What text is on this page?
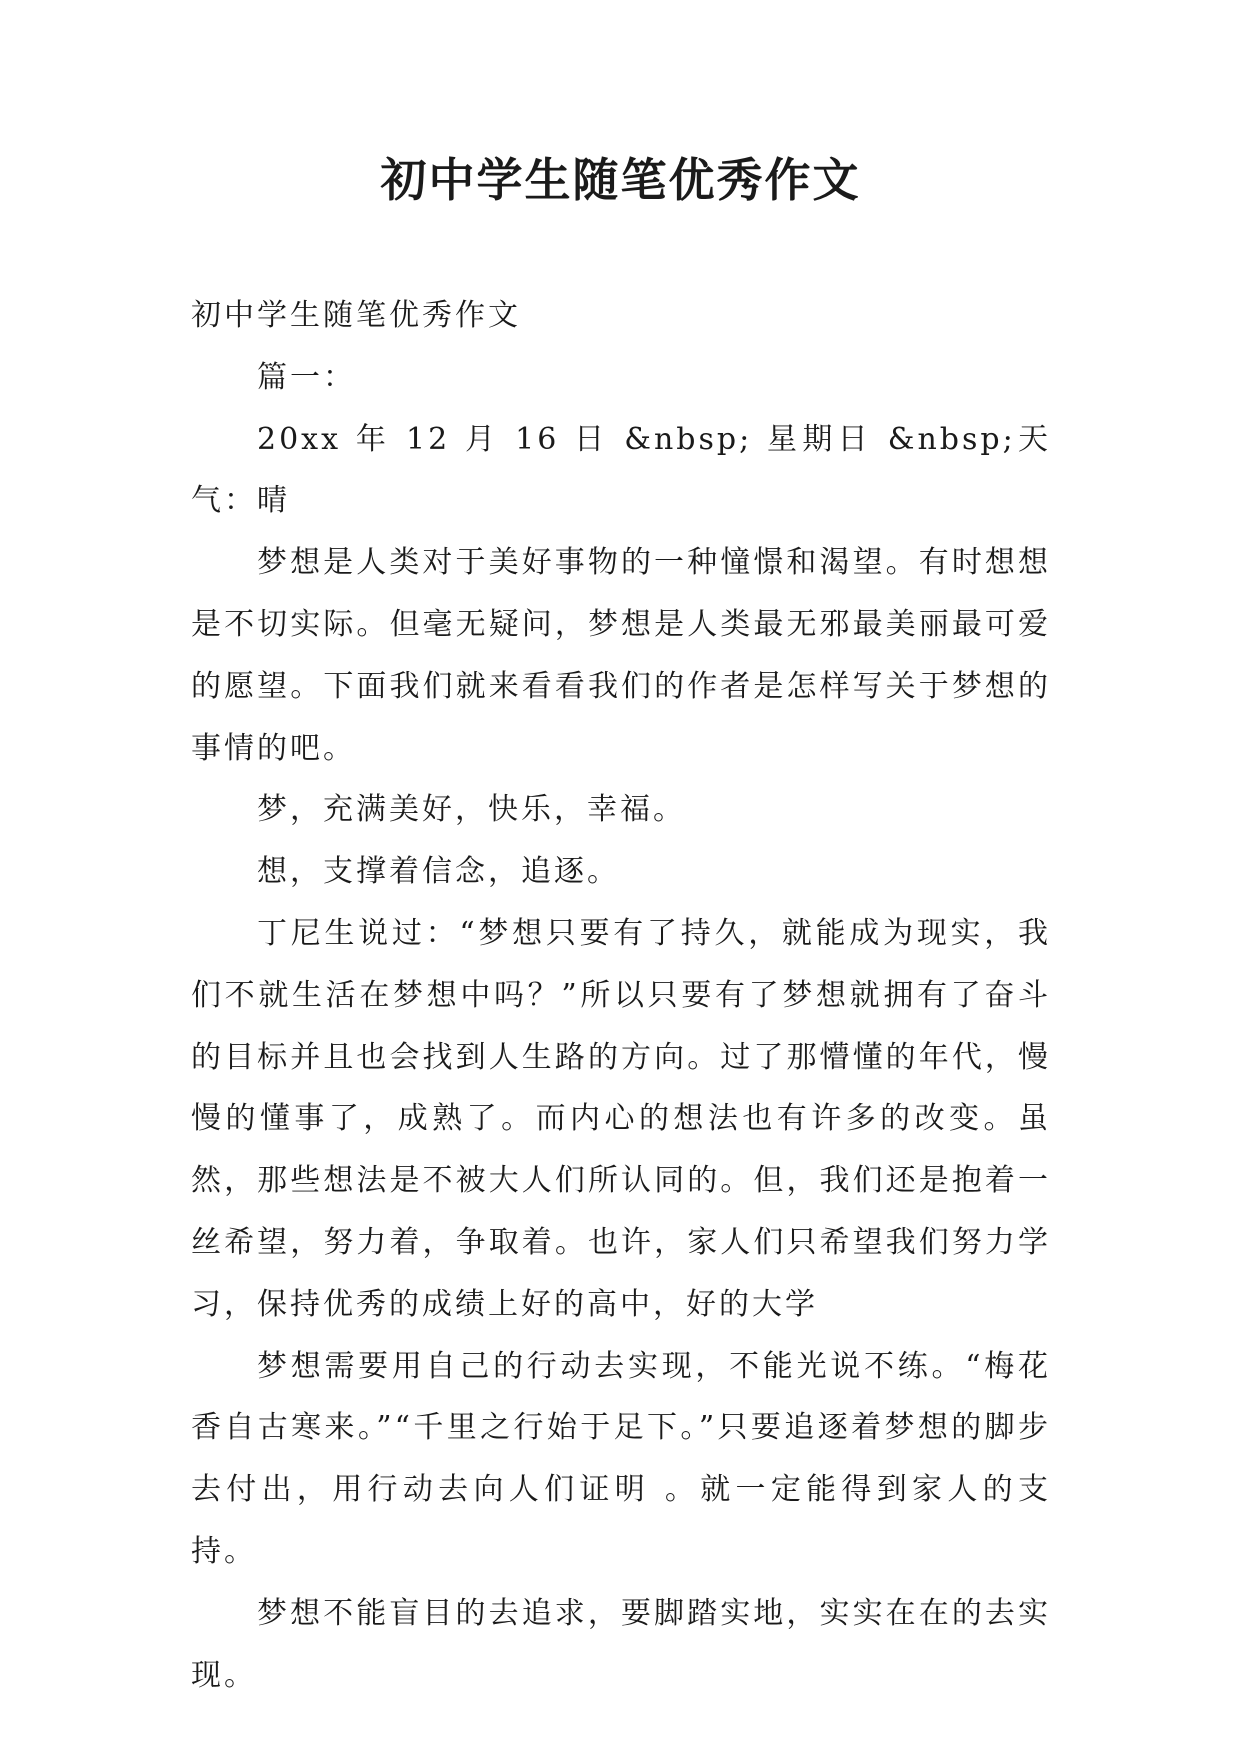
初中学生随笔优秀作文

初中学生随笔优秀作文

篇一：

20xx 年 12 月 16 日 &nbsp; 星期日 &nbsp;天气：晴

梦想是人类对于美好事物的一种憧憬和渴望。有时想想是不切实际。但毫无疑问，梦想是人类最无邪最美丽最可爱的愿望。下面我们就来看看我们的作者是怎样写关于梦想的事情的吧。

梦，充满美好，快乐，幸福。

想，支撑着信念，追逐。

丁尼生说过：“梦想只要有了持久，就能成为现实，我们不就生活在梦想中吗？”所以只要有了梦想就拥有了奋斗的目标并且也会找到人生路的方向。过了那懵懂的年代，慢慢的懂事了，成熟了。而内心的想法也有许多的改变。虽然，那些想法是不被大人们所认同的。但，我们还是抱着一丝希望，努力着，争取着。也许，家人们只希望我们努力学习，保持优秀的成绩上好的高中，好的大学

梦想需要用自己的行动去实现，不能光说不练。“梅花香自古寒来。”“千里之行始于足下。”只要追逐着梦想的脚步去付出，用行动去向人们证明 。就一定能得到家人的支持。

梦想不能盲目的去追求，要脚踏实地，实实在在的去实现。
